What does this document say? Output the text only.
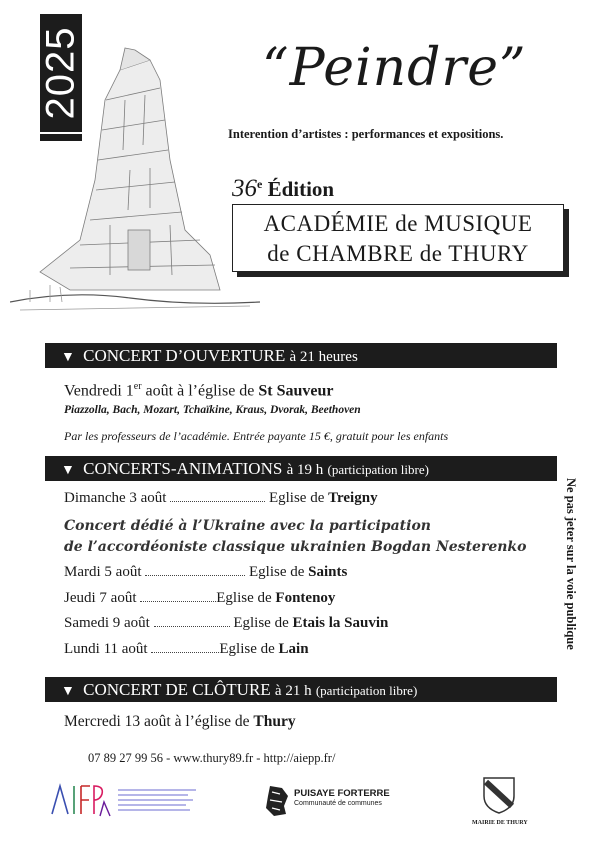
2025	“Peindre”
Interention d’artistes : performances et expositions.
36e Édition
ACADÉMIE de MUSIQUE
de CHAMBRE de THURY
▼ CONCERT D’OUVERTURE à 21 heures
Vendredi 1er août à l’église de St Sauveur
Piazzolla, Bach, Mozart, Tchaïkine, Kraus, Dvorak, Beethoven
Par les professeurs de l’académie. Entrée payante 15 €, gratuit pour les enfants
▼ CONCERTS-ANIMATIONS à 19 h (participation libre)
Dimanche 3 août	Eglise de Treigny
Concert dédié à l’Ukraine avec la participation
de l’accordéoniste classique ukrainien Bogdan Nesterenko
Mardi 5 août	Eglise de Saints
Jeudi 7 août	Eglise de Fontenoy
Samedi 9 août	Eglise de Etais la Sauvin
Lundi 11 août	Eglise de Lain
▼ CONCERT DE CLÔTURE à 21 h (participation libre)
Mercredi 13 août à l’église de Thury
Ne pas jeter sur la voie publique
07 89 27 99 56 - www.thury89.fr - http://aiepp.fr/
PUISAYE FORTERRE
Communauté de communes
MAIRIE DE THURY
